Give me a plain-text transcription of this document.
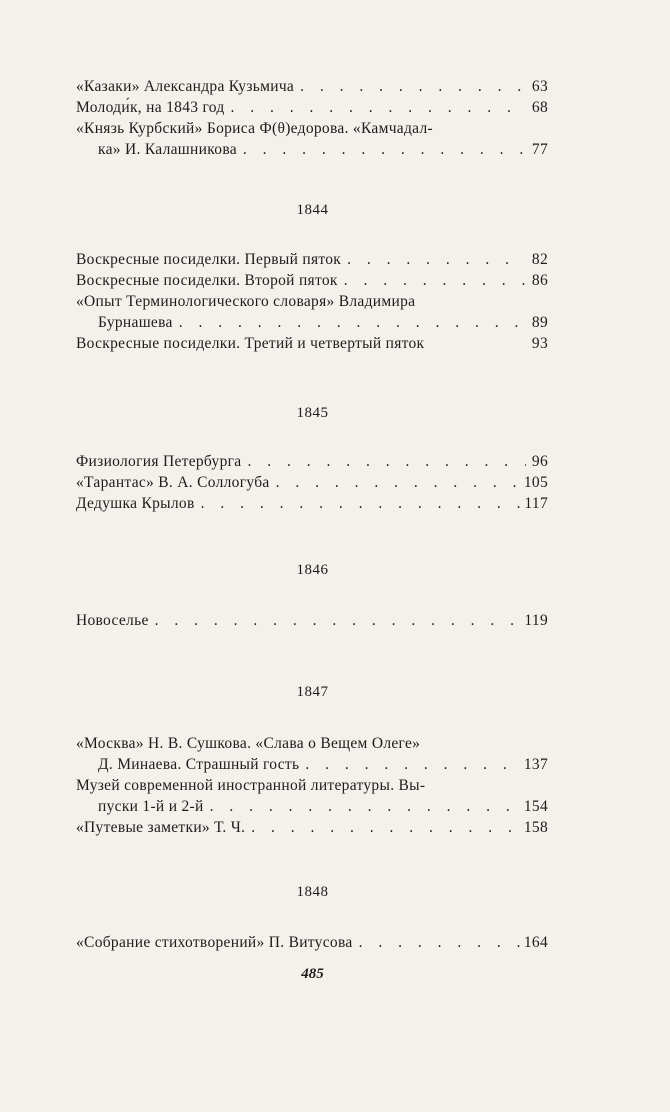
«Казаки» Александра Кузьмича . . .	63
Молоди́к, на 1843 год . . .	68
«Князь Курбский» Бориса Ф(θ)едорова. «Камчадал-
ка» И. Калашникова . . .	77
1844
Воскресные посиделки. Первый пяток . . .	82
Воскресные посиделки. Второй пяток . . .	86
«Опыт Терминологического словаря» Владимира
Бурнашева . . .	89
Воскресные посиделки. Третий и четвертый пяток	93
1845
Физиология Петербурга . . .	96
«Тарантас» В. А. Соллогуба . . .	105
Дедушка Крылов . . .	117
1846
Новоселье . . .	119
1847
«Москва» Н. В. Сушкова. «Слава о Вещем Олеге»
Д. Минаева. Страшный гость . . .	137
Музей современной иностранной литературы. Вы-
пуски 1-й и 2-й . . .	154
«Путевые заметки» Т. Ч. . . .	158
1848
«Собрание стихотворений» П. Витусова . . .	164
485
